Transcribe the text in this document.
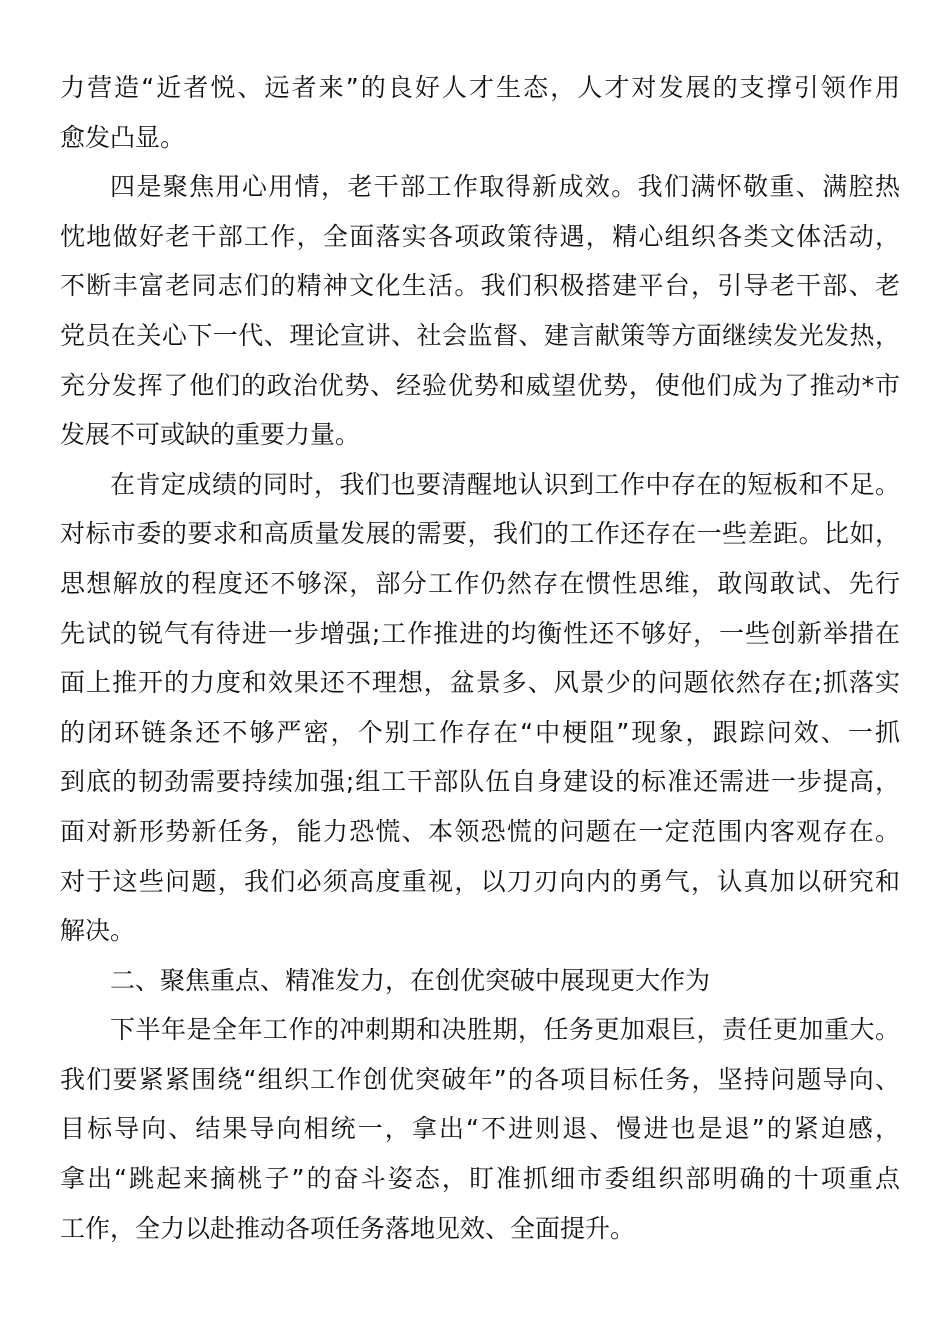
力营造“近者悦、远者来”的良好人才生态，人才对发展的支撑引领作用
愈发凸显。
四是聚焦用心用情，老干部工作取得新成效。我们满怀敬重、满腔热
忱地做好老干部工作，全面落实各项政策待遇，精心组织各类文体活动，
不断丰富老同志们的精神文化生活。我们积极搭建平台，引导老干部、老
党员在关心下一代、理论宣讲、社会监督、建言献策等方面继续发光发热，
充分发挥了他们的政治优势、经验优势和威望优势，使他们成为了推动*市
发展不可或缺的重要力量。
在肯定成绩的同时，我们也要清醒地认识到工作中存在的短板和不足。
对标市委的要求和高质量发展的需要，我们的工作还存在一些差距。比如，
思想解放的程度还不够深，部分工作仍然存在惯性思维，敢闯敢试、先行
先试的锐气有待进一步增强;工作推进的均衡性还不够好，一些创新举措在
面上推开的力度和效果还不理想，盆景多、风景少的问题依然存在;抓落实
的闭环链条还不够严密，个别工作存在“中梗阻”现象，跟踪问效、一抓
到底的韧劲需要持续加强;组工干部队伍自身建设的标准还需进一步提高，
面对新形势新任务，能力恐慌、本领恐慌的问题在一定范围内客观存在。
对于这些问题，我们必须高度重视，以刀刃向内的勇气，认真加以研究和
解决。
二、聚焦重点、精准发力，在创优突破中展现更大作为
下半年是全年工作的冲刺期和决胜期，任务更加艰巨，责任更加重大。
我们要紧紧围绕“组织工作创优突破年”的各项目标任务，坚持问题导向、
目标导向、结果导向相统一，拿出“不进则退、慢进也是退”的紧迫感，
拿出“跳起来摘桃子”的奋斗姿态，盯准抓细市委组织部明确的十项重点
工作，全力以赴推动各项任务落地见效、全面提升。
